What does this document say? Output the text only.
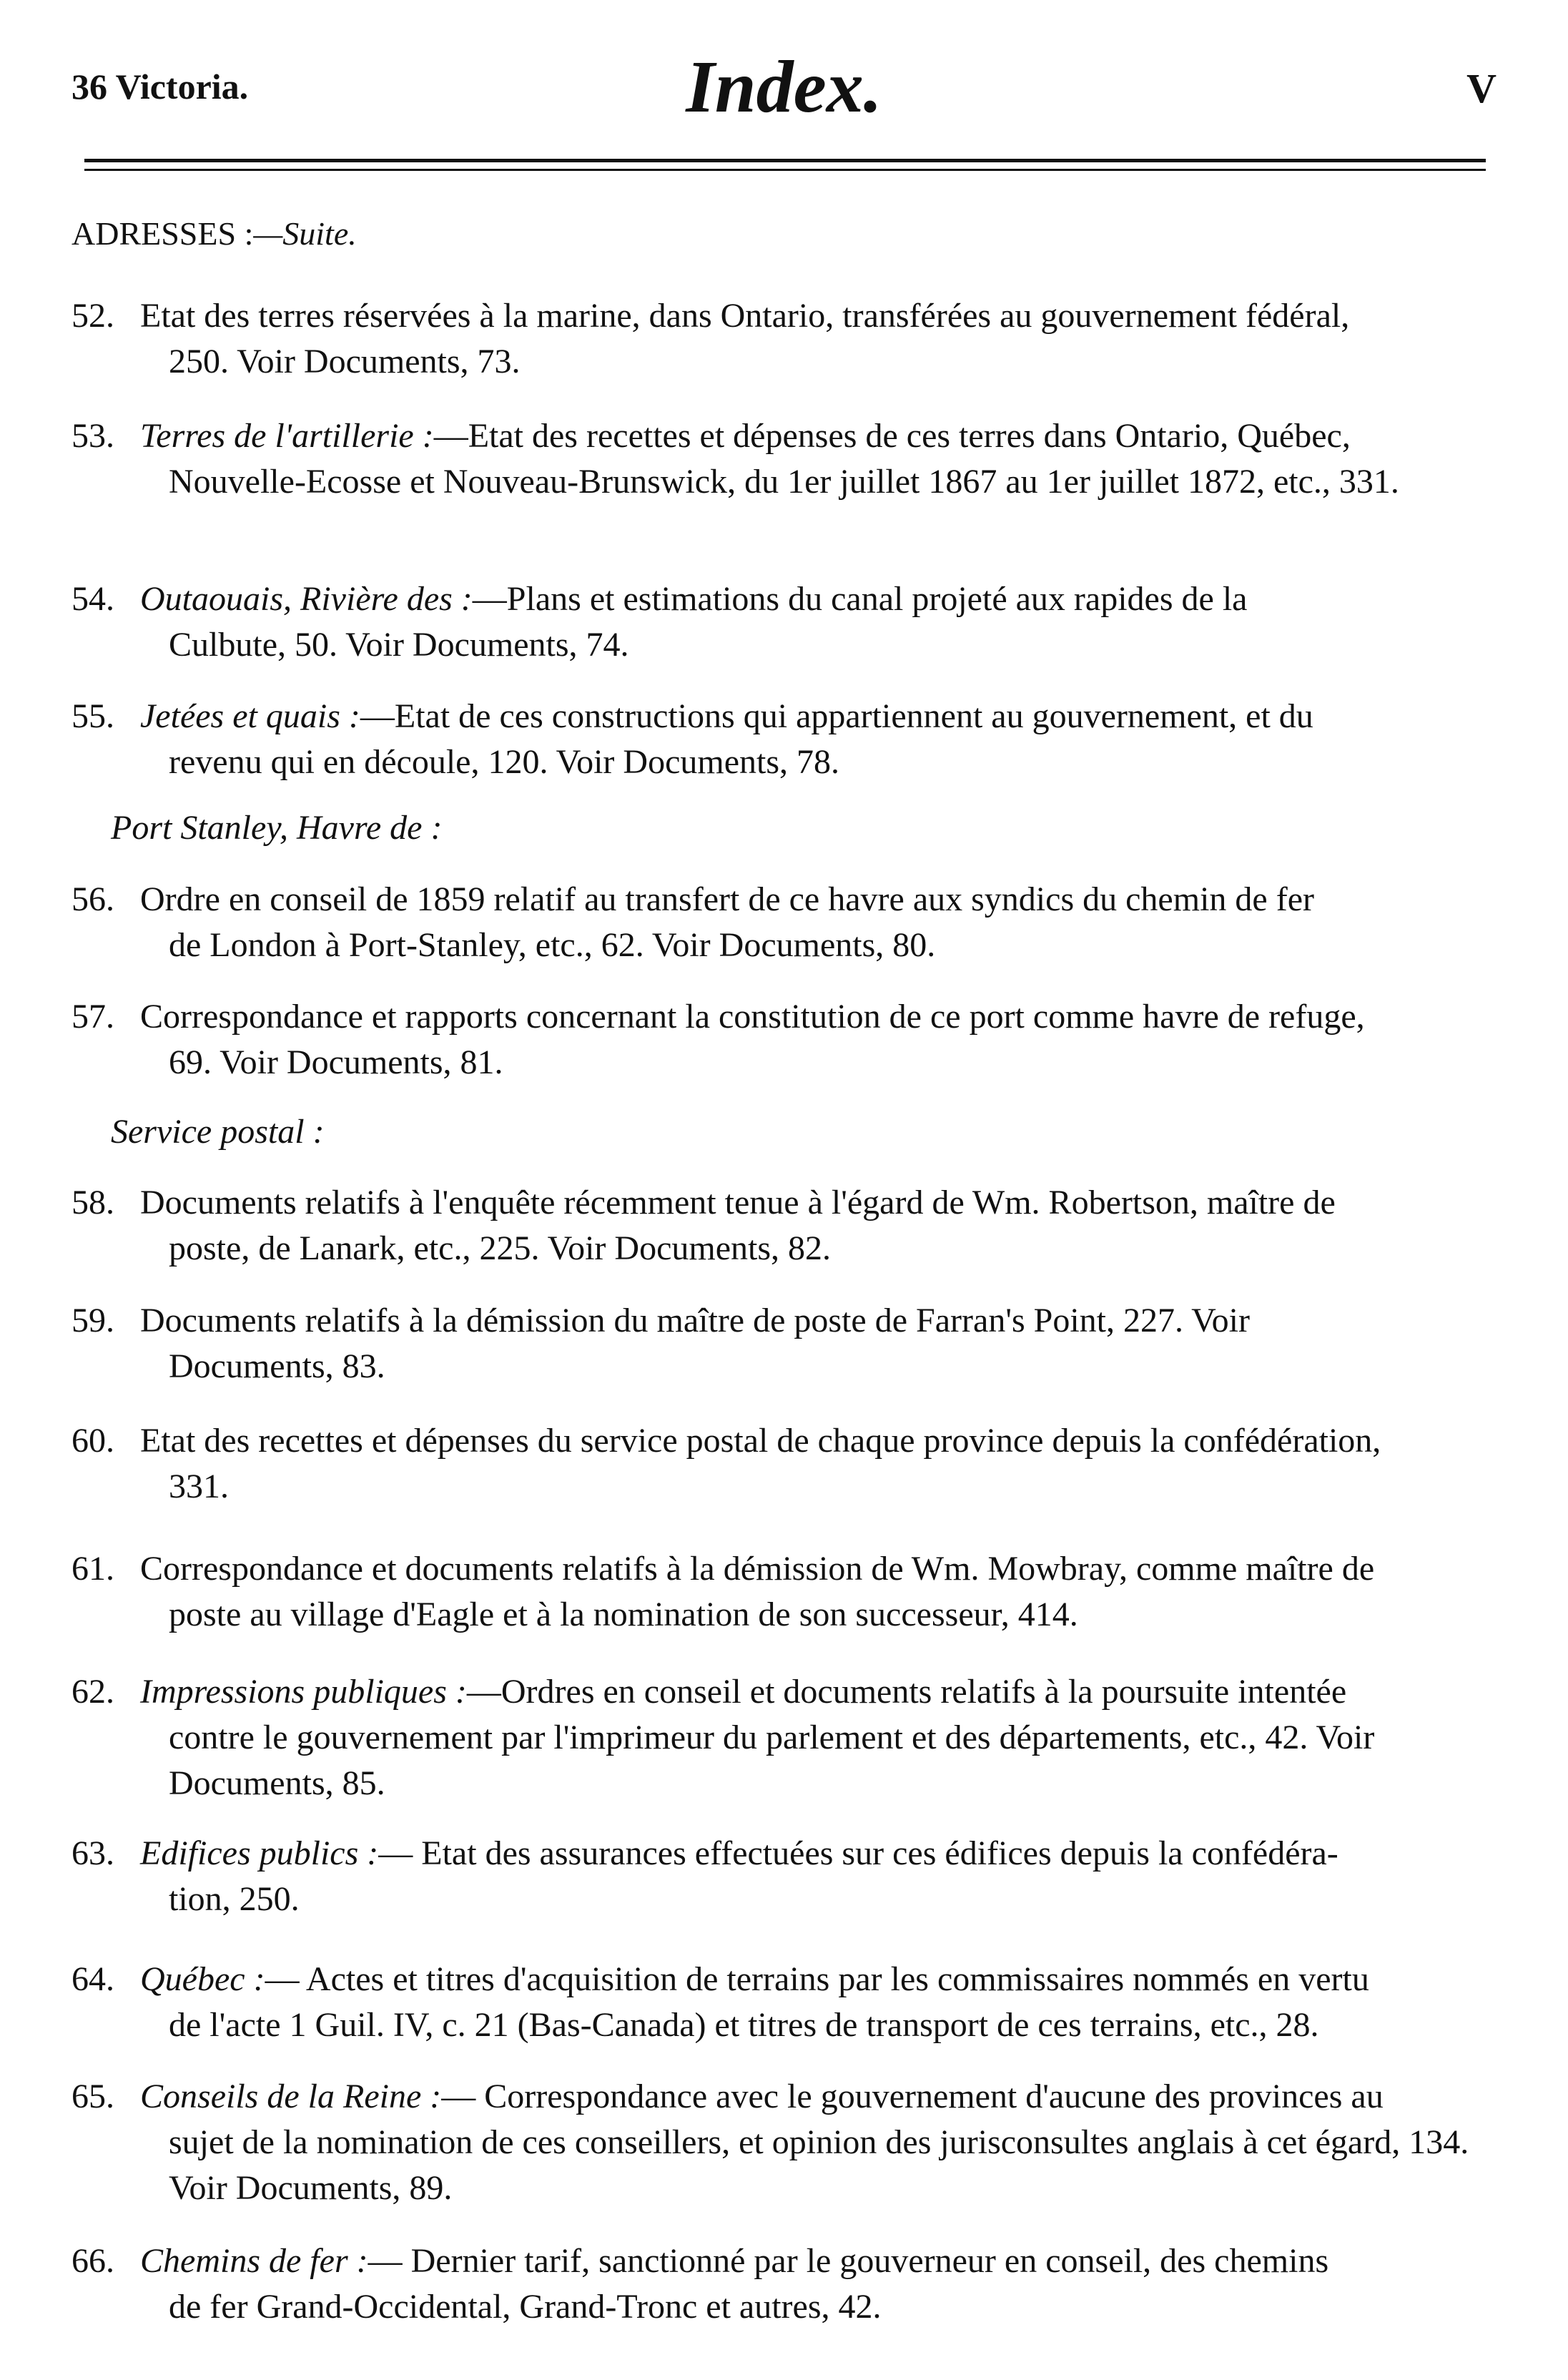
36 Victoria.	Index.	V
ADRESSES :—Suite.
52. Etat des terres réservées à la marine, dans Ontario, transférées au gouvernement fédéral,
250. Voir Documents, 73.
53. Terres de l'artillerie :—Etat des recettes et dépenses de ces terres dans Ontario, Québec,
Nouvelle-Ecosse et Nouveau-Brunswick, du 1er juillet 1867 au 1er juillet 1872, etc., 331.
54. Outaouais, Rivière des :—Plans et estimations du canal projeté aux rapides de la
Culbute, 50. Voir Documents, 74.
55. Jetées et quais :—Etat de ces constructions qui appartiennent au gouvernement, et du
revenu qui en découle, 120. Voir Documents, 78.
Port Stanley, Havre de :
56. Ordre en conseil de 1859 relatif au transfert de ce havre aux syndics du chemin de fer
de London à Port-Stanley, etc., 62. Voir Documents, 80.
57. Correspondance et rapports concernant la constitution de ce port comme havre de refuge,
69. Voir Documents, 81.
Service postal :
58. Documents relatifs à l'enquête récemment tenue à l'égard de Wm. Robertson, maître de
poste, de Lanark, etc., 225. Voir Documents, 82.
59. Documents relatifs à la démission du maître de poste de Farran's Point, 227. Voir
Documents, 83.
60. Etat des recettes et dépenses du service postal de chaque province depuis la confédération,
331.
61. Correspondance et documents relatifs à la démission de Wm. Mowbray, comme maître de
poste au village d'Eagle et à la nomination de son successeur, 414.
62. Impressions publiques :—Ordres en conseil et documents relatifs à la poursuite intentée
contre le gouvernement par l'imprimeur du parlement et des départements, etc., 42. Voir Documents, 85.
63. Edifices publics :— Etat des assurances effectuées sur ces édifices depuis la confédéra-
tion, 250.
64. Québec :— Actes et titres d'acquisition de terrains par les commissaires nommés en vertu
de l'acte 1 Guil. IV, c. 21 (Bas-Canada) et titres de transport de ces terrains, etc., 28.
65. Conseils de la Reine :— Correspondance avec le gouvernement d'aucune des provinces au
sujet de la nomination de ces conseillers, et opinion des jurisconsultes anglais à cet égard, 134. Voir Documents, 89.
66. Chemins de fer :— Dernier tarif, sanctionné par le gouverneur en conseil, des chemins
de fer Grand-Occidental, Grand-Tronc et autres, 42.
